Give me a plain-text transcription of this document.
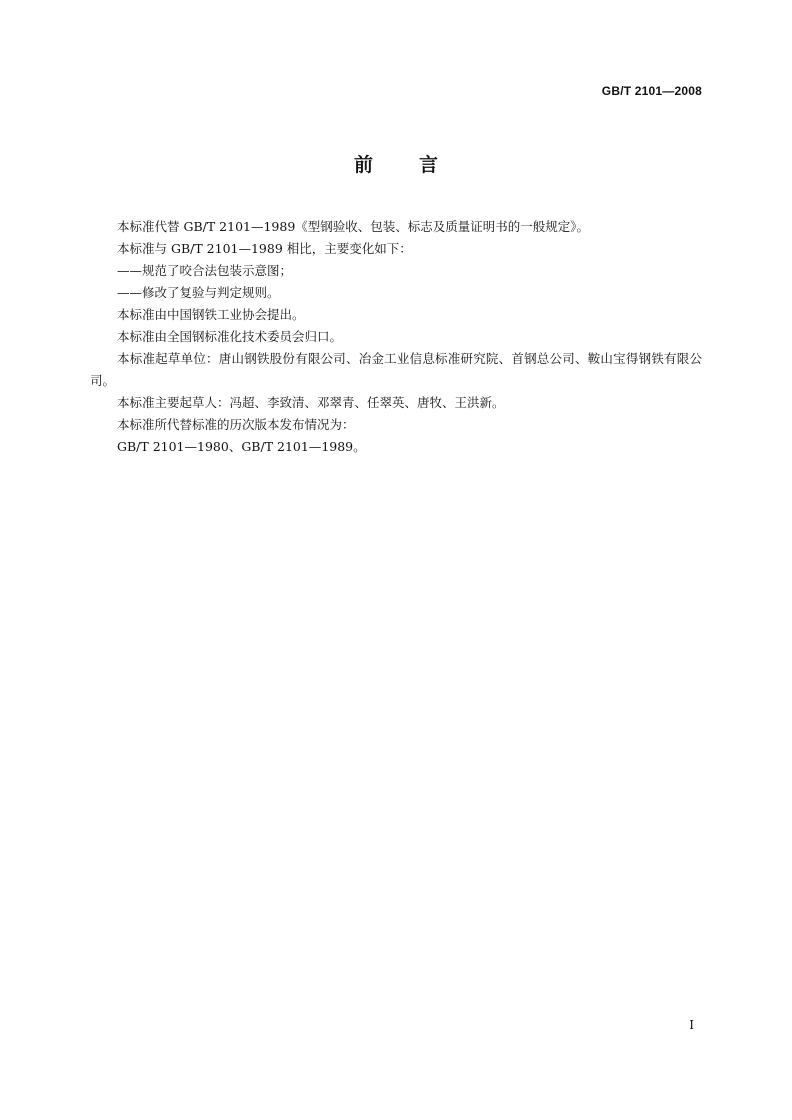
GB/T 2101—2008
前言

本标准代替 GB/T 2101—1989《型钢验收、包装、标志及质量证明书的一般规定》。

本标准与 GB/T 2101—1989 相比，主要变化如下：

——规范了咬合法包装示意图；

——修改了复验与判定规则。

本标准由中国钢铁工业协会提出。

本标准由全国钢标准化技术委员会归口。

本标准起草单位：唐山钢铁股份有限公司、冶金工业信息标准研究院、首钢总公司、鞍山宝得钢铁有限公司。

本标准主要起草人：冯超、李致清、邓翠青、任翠英、唐牧、王洪新。

本标准所代替标准的历次版本发布情况为：

GB/T 2101—1980、GB/T 2101—1989。

I
